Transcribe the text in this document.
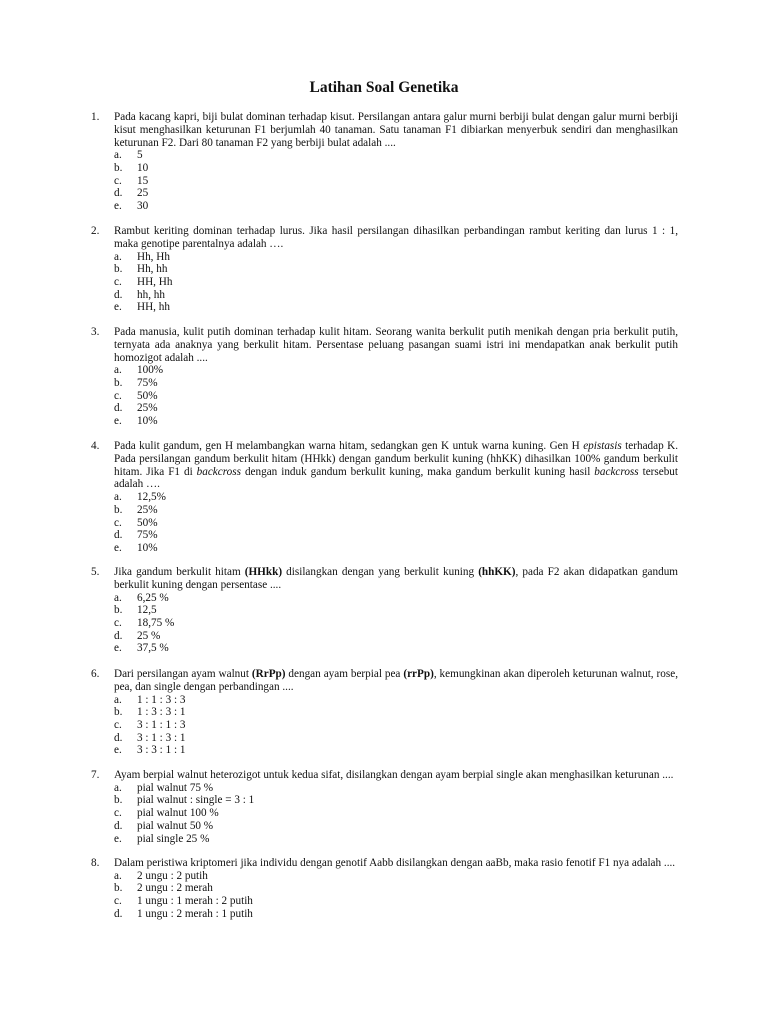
Latihan Soal Genetika
1. Pada kacang kapri, biji bulat dominan terhadap kisut. Persilangan antara galur murni berbiji bulat dengan galur murni berbiji kisut menghasilkan keturunan F1 berjumlah 40 tanaman. Satu tanaman F1 dibiarkan menyerbuk sendiri dan menghasilkan keturunan F2. Dari 80 tanaman F2 yang berbiji bulat adalah ....
a. 5
b. 10
c. 15
d. 25
e. 30
2. Rambut keriting dominan terhadap lurus. Jika hasil persilangan dihasilkan perbandingan rambut keriting dan lurus 1 : 1, maka genotipe parentalnya adalah ….
a. Hh, Hh
b. Hh, hh
c. HH, Hh
d. hh, hh
e. HH, hh
3. Pada manusia, kulit putih dominan terhadap kulit hitam. Seorang wanita berkulit putih menikah dengan pria berkulit putih, ternyata ada anaknya yang berkulit hitam. Persentase peluang pasangan suami istri ini mendapatkan anak berkulit putih homozigot adalah ....
a. 100%
b. 75%
c. 50%
d. 25%
e. 10%
4. Pada kulit gandum, gen H melambangkan warna hitam, sedangkan gen K untuk warna kuning. Gen H epistasis terhadap K. Pada persilangan gandum berkulit hitam (HHkk) dengan gandum berkulit kuning (hhKK) dihasilkan 100% gandum berkulit hitam. Jika F1 di backcross dengan induk gandum berkulit kuning, maka gandum berkulit kuning hasil backcross tersebut adalah ….
a. 12,5%
b. 25%
c. 50%
d. 75%
e. 10%
5. Jika gandum berkulit hitam (HHkk) disilangkan dengan yang berkulit kuning (hhKK), pada F2 akan didapatkan gandum berkulit kuning dengan persentase ....
a. 6,25 %
b. 12,5
c. 18,75 %
d. 25 %
e. 37,5 %
6. Dari persilangan ayam walnut (RrPp) dengan ayam berpial pea (rrPp), kemungkinan akan diperoleh keturunan walnut, rose, pea, dan single dengan perbandingan ....
a. 1 : 1 : 3 : 3
b. 1 : 3 : 3 : 1
c. 3 : 1 : 1 : 3
d. 3 : 1 : 3 : 1
e. 3 : 3 : 1 : 1
7. Ayam berpial walnut heterozigot untuk kedua sifat, disilangkan dengan ayam berpial single akan menghasilkan keturunan ....
a. pial walnut 75 %
b. pial walnut : single = 3 : 1
c. pial walnut 100 %
d. pial walnut 50 %
e. pial single 25 %
8. Dalam peristiwa kriptomeri jika individu dengan genotif Aabb disilangkan dengan aaBb, maka rasio fenotif F1 nya adalah ....
a. 2 ungu : 2 putih
b. 2 ungu : 2 merah
c. 1 ungu : 1 merah : 2 putih
d. 1 ungu : 2 merah : 1 putih
